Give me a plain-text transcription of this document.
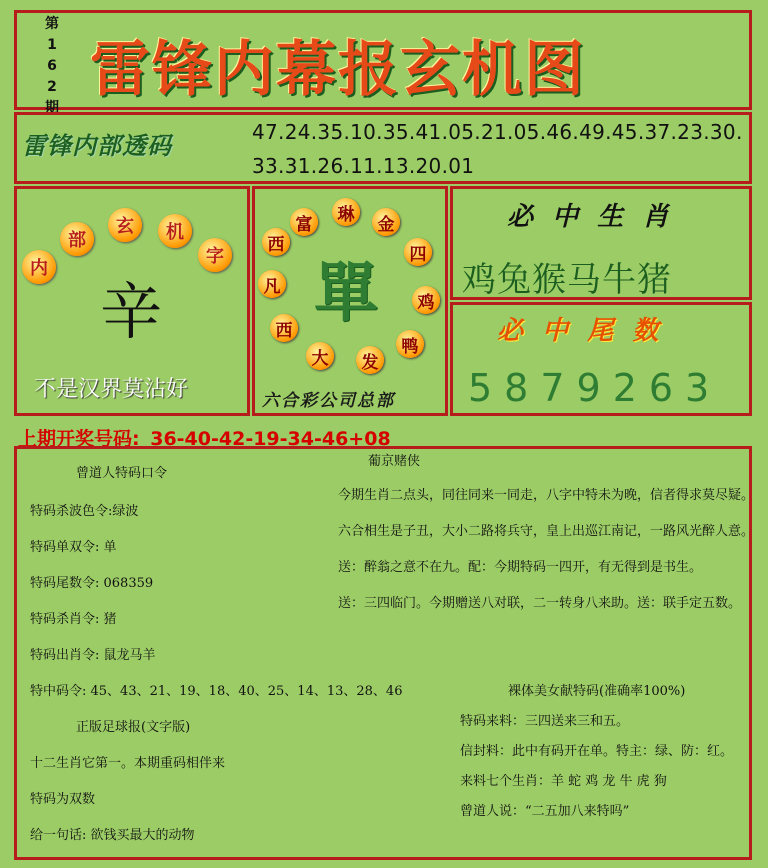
第
1
6
2
期
雷锋内幕报玄机图
雷锋内部透码	47.24.35.10.35.41.05.21.05.46.49.45.37.23.30.
33.31.26.11.13.20.01
内
部
玄	机
字
辛
不是汉界莫沾好
西
富	琳	金
四
鸡
鸭
发
大
西
凡 單
六合彩公司总部
必 中 生 肖
鸡兔猴马牛猪
必 中 尾 数
5879263
上期开奖号码: 36-40-42-19-34-46+08
曾道人特码口令
特码杀波色令:绿波
特码单双令: 单
特码尾数令: 068359
特码杀肖令: 猪
特码出肖令: 鼠龙马羊
特中码令: 45、43、21、19、18、40、25、14、13、28、46
正版足球报(文字版)
十二生肖它第一。本期重码相伴来
特码为双数
给一句话: 欲钱买最大的动物
葡京赌侠
今期生肖二点头，同往同来一同走，八字中特未为晚，信者得求莫尽疑。
六合相生是子丑，大小二路将兵守，皇上出巡江南记，一路风光醉人意。
送：醉翁之意不在九。配：今期特码一四开，有无得到是书生。
送：三四临门。今期赠送八对联，二一转身八来助。送：联手定五数。
裸体美女献特码(准确率100%)
特码来料：三四送来三和五。
信封料：此中有码开在单。特主：绿、防：红。
来料七个生肖：羊 蛇 鸡 龙 牛 虎 狗
曾道人说：“二五加八来特吗”
